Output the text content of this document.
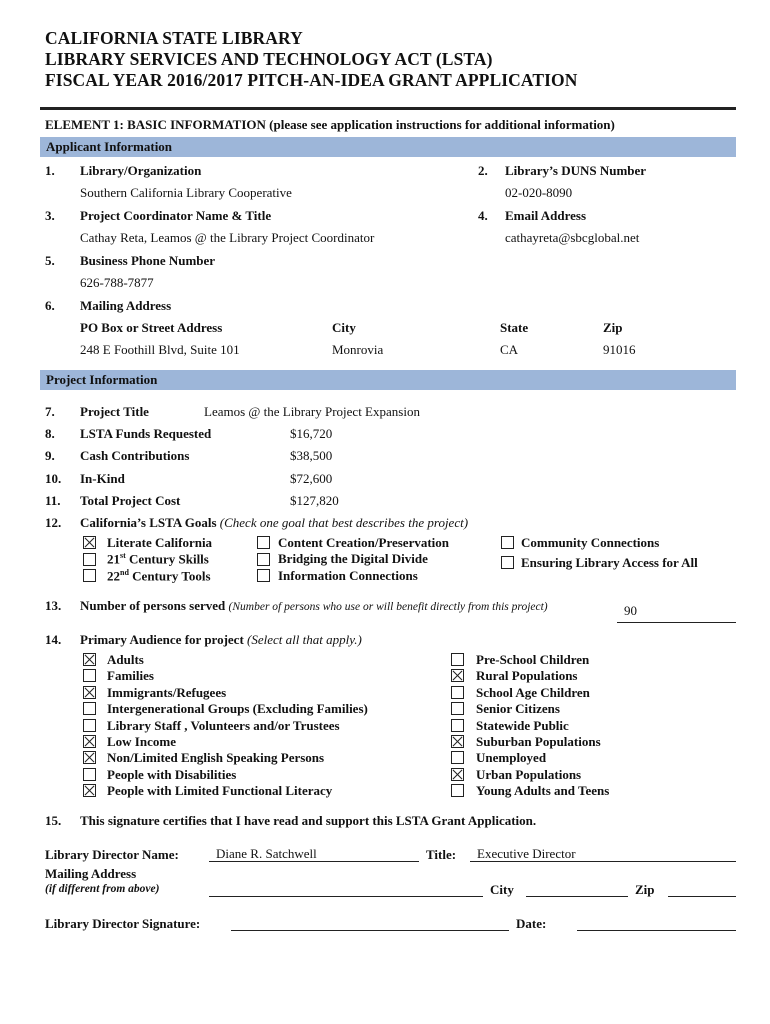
CALIFORNIA STATE LIBRARY
LIBRARY SERVICES AND TECHNOLOGY ACT (LSTA)
FISCAL YEAR 2016/2017 PITCH-AN-IDEA GRANT APPLICATION
ELEMENT 1: BASIC INFORMATION (please see application instructions for additional information)
Applicant Information
1. Library/Organization
Southern California Library Cooperative
2. Library’s DUNS Number
02-020-8090
3. Project Coordinator Name & Title
Cathay Reta, Leamos @ the Library Project Coordinator
4. Email Address
cathayreta@sbcglobal.net
5. Business Phone Number
626-788-7877
6. Mailing Address
PO Box or Street Address
248 E Foothill Blvd, Suite 101
City
Monrovia
State
CA
Zip
91016
Project Information
7. Project Title	Leamos @ the Library Project Expansion
8. LSTA Funds Requested	$16,720
9. Cash Contributions	$38,500
10. In-Kind	$72,600
11. Total Project Cost	$127,820
12. California’s LSTA Goals (Check one goal that best describes the project)
Literate California
21st Century Skills
22nd Century Tools
Content Creation/Preservation
Bridging the Digital Divide
Information Connections
Community Connections
Ensuring Library Access for All
13. Number of persons served (Number of persons who use or will benefit directly from this project)	90
14. Primary Audience for project (Select all that apply.)
Adults
Families
Immigrants/Refugees
Intergenerational Groups (Excluding Families)
Library Staff , Volunteers and/or Trustees
Low Income
Non/Limited English Speaking Persons
People with Disabilities
People with Limited Functional Literacy
Pre-School Children
Rural Populations
School Age Children
Senior Citizens
Statewide Public
Suburban Populations
Unemployed
Urban Populations
Young Adults and Teens
15. This signature certifies that I have read and support this LSTA Grant Application.
Library Director Name:	Diane R. Satchwell	Title: Executive Director
Mailing Address
(if different from above)	City	Zip
Library Director Signature:	Date:
